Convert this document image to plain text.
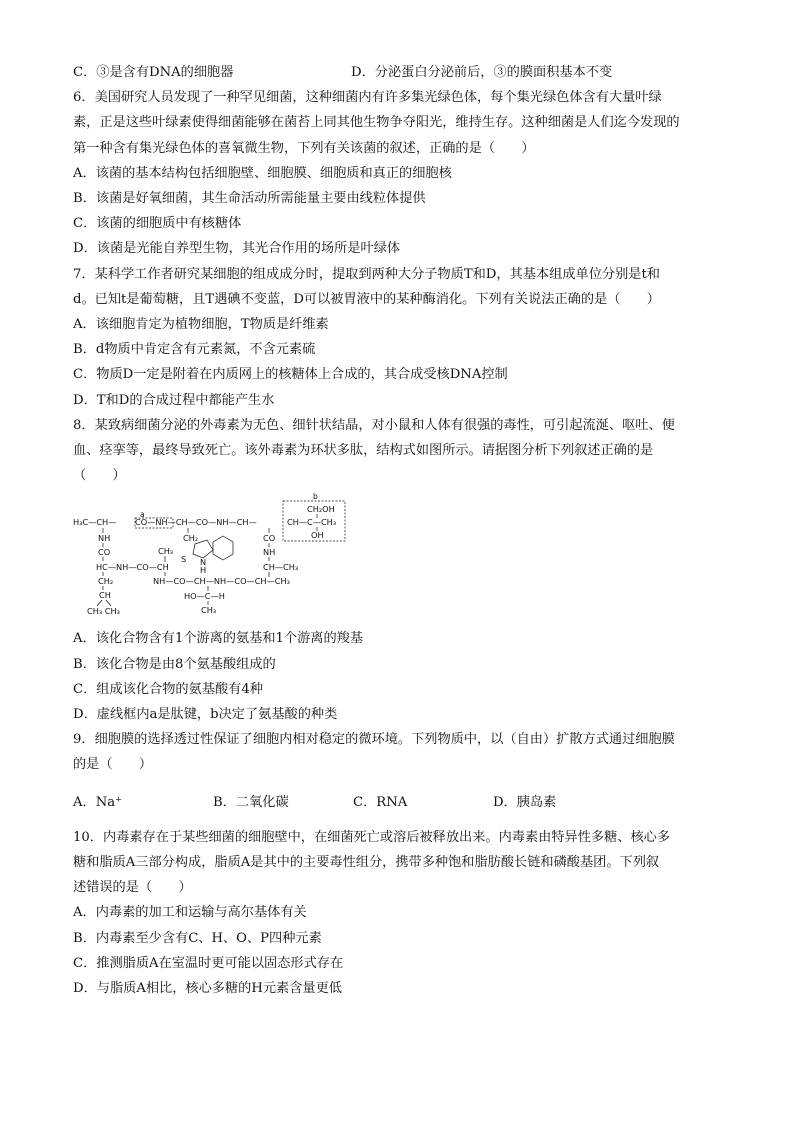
C．③是含有DNA的细胞器	D．分泌蛋白分泌前后，③的膜面积基本不变
6．美国研究人员发现了一种罕见细菌，这种细菌内有许多集光绿色体，每个集光绿色体含有大量叶绿
素，正是这些叶绿素使得细菌能够在菌苔上同其他生物争夺阳光，维持生存。这种细菌是人们迄今发现的
第一种含有集光绿色体的喜氧微生物，下列有关该菌的叙述，正确的是（　　）
A．该菌的基本结构包括细胞壁、细胞膜、细胞质和真正的细胞核
B．该菌是好氧细菌，其生命活动所需能量主要由线粒体提供
C．该菌的细胞质中有核糖体
D．该菌是光能自养型生物，其光合作用的场所是叶绿体
7．某科学工作者研究某细胞的组成成分时，提取到两种大分子物质T和D，其基本组成单位分别是t和
d。已知t是葡萄糖，且T遇碘不变蓝，D可以被胃液中的某种酶消化。下列有关说法正确的是（　　）
A．该细胞肯定为植物细胞，T物质是纤维素
B．d物质中肯定含有元素氮，不含元素硫
C．物质D一定是附着在内质网上的核糖体上合成的，其合成受核DNA控制
D．T和D的合成过程中都能产生水
8．某致病细菌分泌的外毒素为无色、细针状结晶，对小鼠和人体有很强的毒性，可引起流涎、呕吐、便
血、痉挛等，最终导致死亡。该外毒素为环状多肽，结构式如图所示。请据图分析下列叙述正确的是
（　　）
H₃C—CH—
a
CO—NH—CH—CO—NH—CH—	CH—C—CH₃
b
CH₂OH
OH
NH
CO
HC—NH—CO—CH
CH₂
CH
CH₃ CH₃
CH₂
S N
H
CH₃
NH—CO—CH—NH—CO—CH—CH₃
HO—C—H
CH₃
CO
NH
CH—CH₃
A．该化合物含有1个游离的氨基和1个游离的羧基
B．该化合物是由8个氨基酸组成的
C．组成该化合物的氨基酸有4种
D．虚线框内a是肽键，b决定了氨基酸的种类
9．细胞膜的选择透过性保证了细胞内相对稳定的微环境。下列物质中，以（自由）扩散方式通过细胞膜
的是（　　）
A．Na⁺	B．二氧化碳	C．RNA	D．胰岛素
10．内毒素存在于某些细菌的细胞壁中，在细菌死亡或溶后被释放出来。内毒素由特异性多糖、核心多
糖和脂质A三部分构成，脂质A是其中的主要毒性组分，携带多种饱和脂肪酸长链和磷酸基团。下列叙
述错误的是（　　）
A．内毒素的加工和运输与高尔基体有关
B．内毒素至少含有C、H、O、P四种元素
C．推测脂质A在室温时更可能以固态形式存在
D．与脂质A相比，核心多糖的H元素含量更低
